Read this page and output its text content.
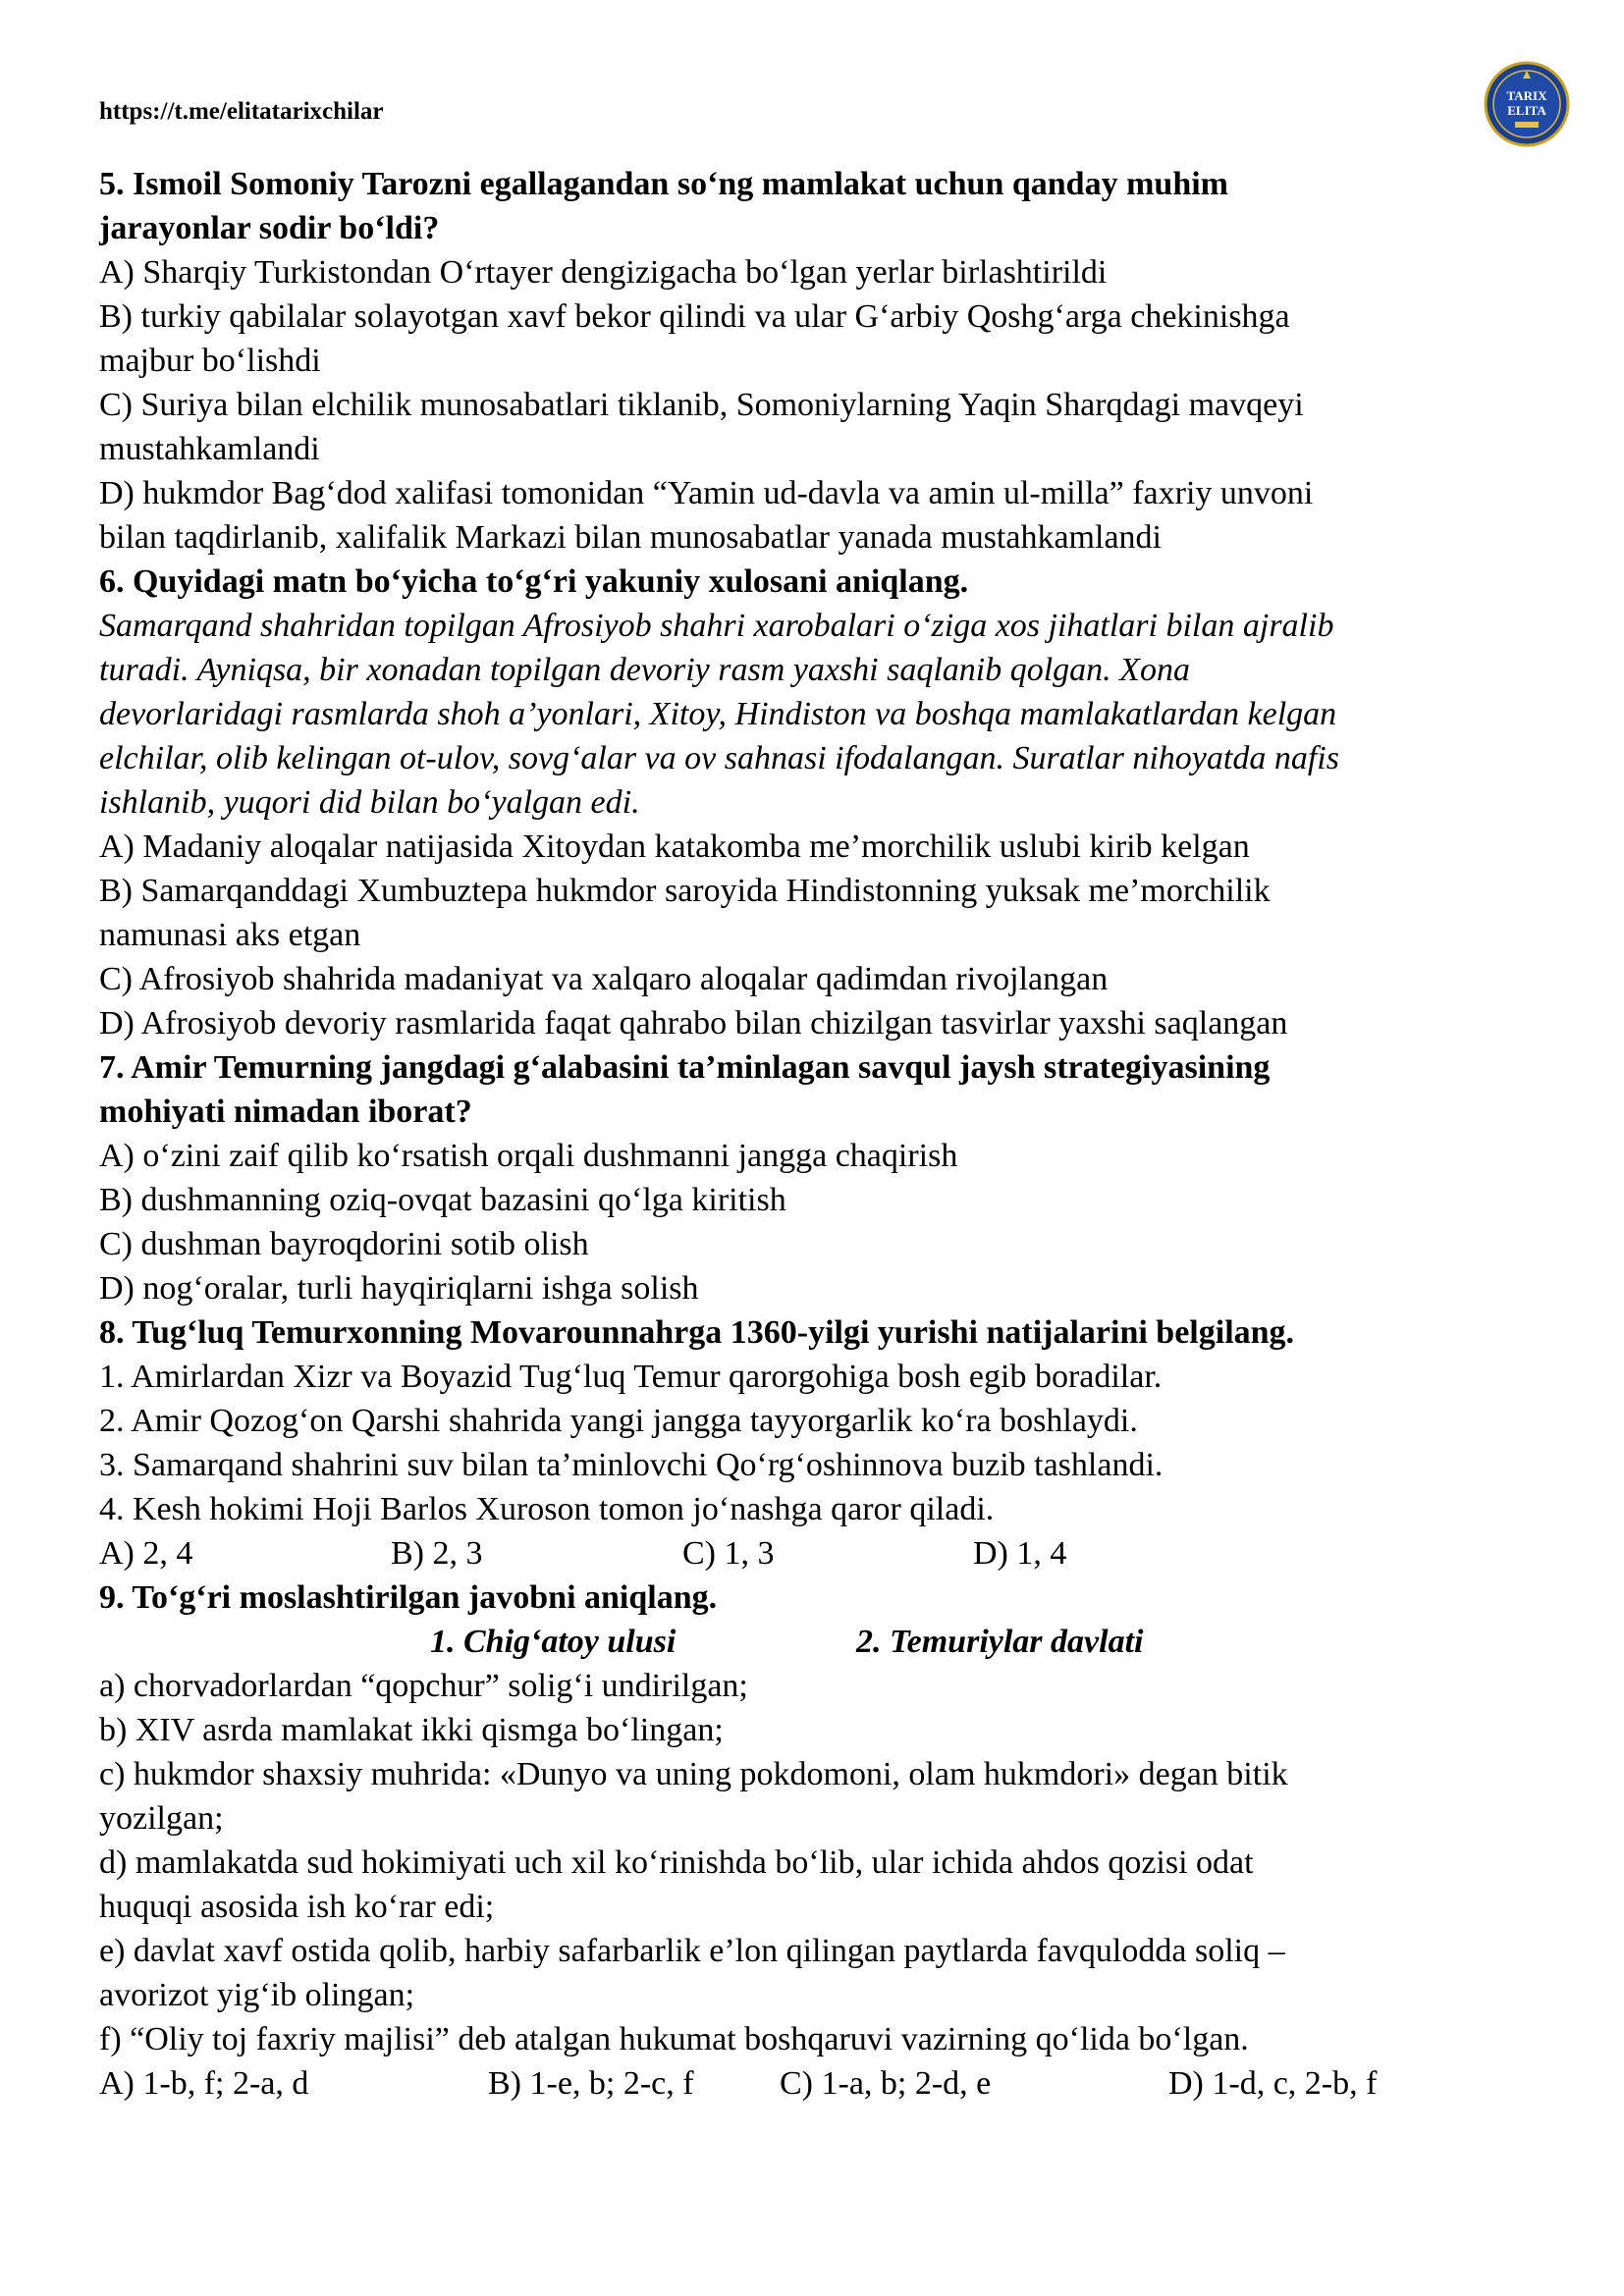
https://t.me/elitatarixchilar
TARIX
ELITA
5. Ismoil Somoniy Tarozni egallagandan so‘ng mamlakat uchun qanday muhim
jarayonlar sodir bo‘ldi?
A) Sharqiy Turkistondan O‘rtayer dengizigacha bo‘lgan yerlar birlashtirildi
B) turkiy qabilalar solayotgan xavf bekor qilindi va ular G‘arbiy Qoshg‘arga chekinishga
majbur bo‘lishdi
C) Suriya bilan elchilik munosabatlari tiklanib, Somoniylarning Yaqin Sharqdagi mavqeyi
mustahkamlandi
D) hukmdor Bag‘dod xalifasi tomonidan “Yamin ud-davla va amin ul-milla” faxriy unvoni
bilan taqdirlanib, xalifalik Markazi bilan munosabatlar yanada mustahkamlandi
6. Quyidagi matn bo‘yicha to‘g‘ri yakuniy xulosani aniqlang.
Samarqand shahridan topilgan Afrosiyob shahri xarobalari o‘ziga xos jihatlari bilan ajralib
turadi. Ayniqsa, bir xonadan topilgan devoriy rasm yaxshi saqlanib qolgan. Xona
devorlaridagi rasmlarda shoh a’yonlari, Xitoy, Hindiston va boshqa mamlakatlardan kelgan
elchilar, olib kelingan ot-ulov, sovg‘alar va ov sahnasi ifodalangan. Suratlar nihoyatda nafis
ishlanib, yuqori did bilan bo‘yalgan edi.
A) Madaniy aloqalar natijasida Xitoydan katakomba me’morchilik uslubi kirib kelgan
B) Samarqanddagi Xumbuztepa hukmdor saroyida Hindistonning yuksak me’morchilik
namunasi aks etgan
C) Afrosiyob shahrida madaniyat va xalqaro aloqalar qadimdan rivojlangan
D) Afrosiyob devoriy rasmlarida faqat qahrabo bilan chizilgan tasvirlar yaxshi saqlangan
7. Amir Temurning jangdagi g‘alabasini ta’minlagan savqul jaysh strategiyasining
mohiyati nimadan iborat?
A) o‘zini zaif qilib ko‘rsatish orqali dushmanni jangga chaqirish
B) dushmanning oziq-ovqat bazasini qo‘lga kiritish
C) dushman bayroqdorini sotib olish
D) nog‘oralar, turli hayqiriqlarni ishga solish
8. Tug‘luq Temurxonning Movarounnahrga 1360-yilgi yurishi natijalarini belgilang.
1. Amirlardan Xizr va Boyazid Tug‘luq Temur qarorgohiga bosh egib boradilar.
2. Amir Qozog‘on Qarshi shahrida yangi jangga tayyorgarlik ko‘ra boshlaydi.
3. Samarqand shahrini suv bilan ta’minlovchi Qo‘rg‘oshinnova buzib tashlandi.
4. Kesh hokimi Hoji Barlos Xuroson tomon jo‘nashga qaror qiladi.
A) 2, 4	B) 2, 3	C) 1, 3	D) 1, 4
9. To‘g‘ri moslashtirilgan javobni aniqlang.
1. Chig‘atoy ulusi	2. Temuriylar davlati
a) chorvadorlardan “qopchur” solig‘i undirilgan;
b) XIV asrda mamlakat ikki qismga bo‘lingan;
c) hukmdor shaxsiy muhrida: «Dunyo va uning pokdomoni, olam hukmdori» degan bitik
yozilgan;
d) mamlakatda sud hokimiyati uch xil ko‘rinishda bo‘lib, ular ichida ahdos qozisi odat
huquqi asosida ish ko‘rar edi;
e) davlat xavf ostida qolib, harbiy safarbarlik e’lon qilingan paytlarda favqulodda soliq –
avorizot yig‘ib olingan;
f) “Oliy toj faxriy majlisi” deb atalgan hukumat boshqaruvi vazirning qo‘lida bo‘lgan.
A) 1-b, f; 2-a, d	B) 1-e, b; 2-c, f	C) 1-a, b; 2-d, e	D) 1-d, c, 2-b, f
